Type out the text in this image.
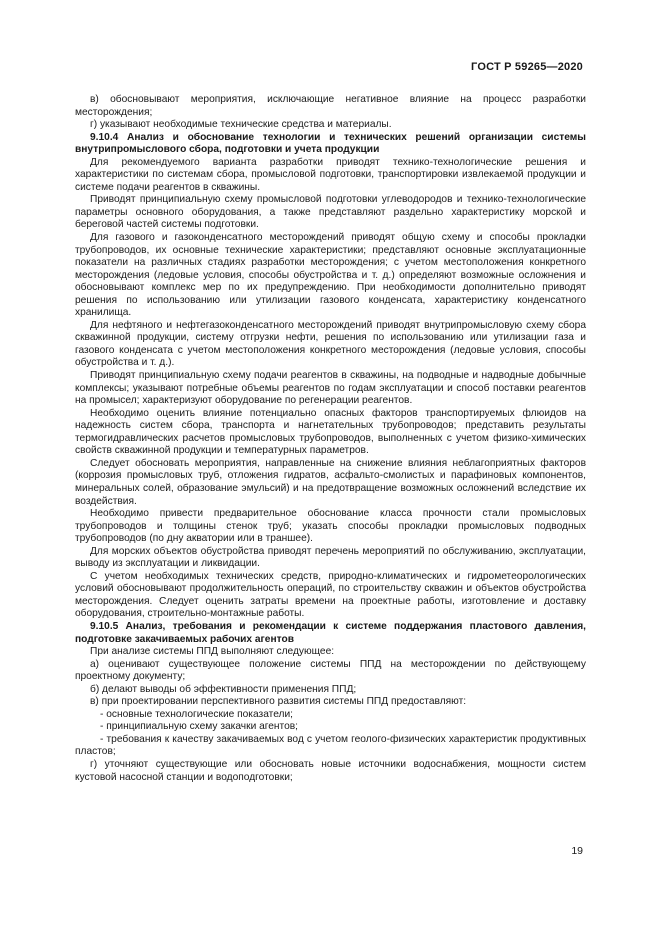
ГОСТ Р 59265—2020

в) обосновывают мероприятия, исключающие негативное влияние на процесс разработки месторождения;

г) указывают необходимые технические средства и материалы.

9.10.4 Анализ и обоснование технологии и технических решений организации системы внутрипромыслового сбора, подготовки и учета продукции

Для рекомендуемого варианта разработки приводят технико-технологические решения и характеристики по системам сбора, промысловой подготовки, транспортировки извлекаемой продукции и системе подачи реагентов в скважины.

Приводят принципиальную схему промысловой подготовки углеводородов и технико-технологические параметры основного оборудования, а также представляют раздельно характеристику морской и береговой частей системы подготовки.

Для газового и газоконденсатного месторождений приводят общую схему и способы прокладки трубопроводов, их основные технические характеристики; представляют основные эксплуатационные показатели на различных стадиях разработки месторождения; с учетом местоположения конкретного месторождения (ледовые условия, способы обустройства и т. д.) определяют возможные осложнения и обосновывают комплекс мер по их предупреждению. При необходимости дополнительно приводят решения по использованию или утилизации газового конденсата, характеристику конденсатного хранилища.

Для нефтяного и нефтегазоконденсатного месторождений приводят внутрипромысловую схему сбора скважинной продукции, систему отгрузки нефти, решения по использованию или утилизации газа и газового конденсата с учетом местоположения конкретного месторождения (ледовые условия, способы обустройства и т. д.).

Приводят принципиальную схему подачи реагентов в скважины, на подводные и надводные добычные комплексы; указывают потребные объемы реагентов по годам эксплуатации и способ поставки реагентов на промысел; характеризуют оборудование по регенерации реагентов.

Необходимо оценить влияние потенциально опасных факторов транспортируемых флюидов на надежность систем сбора, транспорта и нагнетательных трубопроводов; представить результаты термогидравлических расчетов промысловых трубопроводов, выполненных с учетом физико-химических свойств скважинной продукции и температурных параметров.

Следует обосновать мероприятия, направленные на снижение влияния неблагоприятных факторов (коррозия промысловых труб, отложения гидратов, асфальто-смолистых и парафиновых компонентов, минеральных солей, образование эмульсий) и на предотвращение возможных осложнений вследствие их воздействия.

Необходимо привести предварительное обоснование класса прочности стали промысловых трубопроводов и толщины стенок труб; указать способы прокладки промысловых подводных трубопроводов (по дну акватории или в траншее).

Для морских объектов обустройства приводят перечень мероприятий по обслуживанию, эксплуатации, выводу из эксплуатации и ликвидации.

С учетом необходимых технических средств, природно-климатических и гидрометеорологических условий обосновывают продолжительность операций, по строительству скважин и объектов обустройства месторождения. Следует оценить затраты времени на проектные работы, изготовление и доставку оборудования, строительно-монтажные работы.

9.10.5 Анализ, требования и рекомендации к системе поддержания пластового давления, подготовке закачиваемых рабочих агентов

При анализе системы ППД выполняют следующее:

а) оценивают существующее положение системы ППД на месторождении по действующему проектному документу;

б) делают выводы об эффективности применения ППД;

в) при проектировании перспективного развития системы ППД предоставляют:

- основные технологические показатели;

- принципиальную схему закачки агентов;

- требования к качеству закачиваемых вод с учетом геолого-физических характеристик продуктивных пластов;

г) уточняют существующие или обосновать новые источники водоснабжения, мощности систем кустовой насосной станции и водоподготовки;

19
